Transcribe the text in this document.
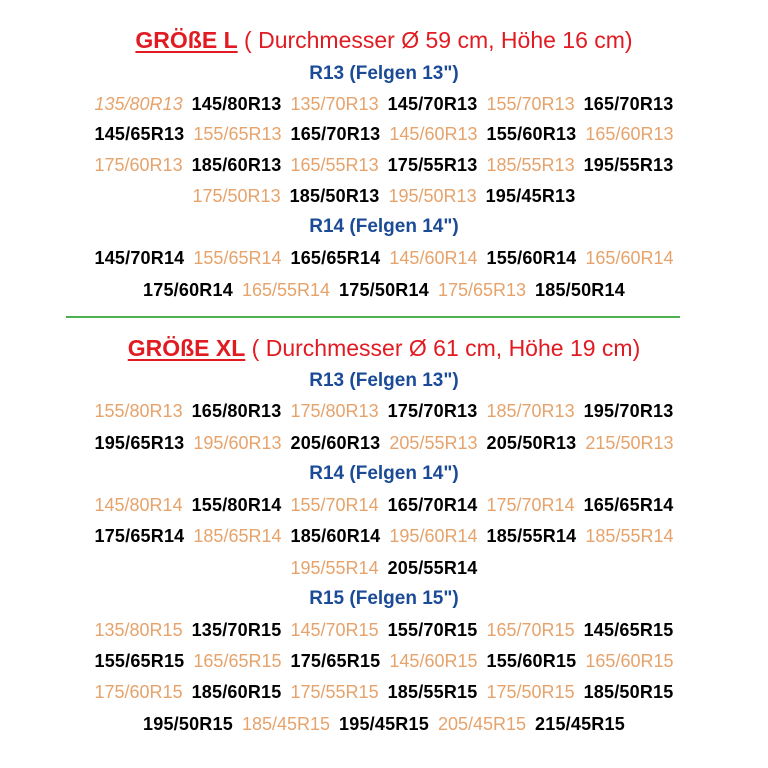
GRÖßE L ( Durchmesser Ø 59 cm, Höhe 16 cm)
R13 (Felgen 13")
135/80R13 145/80R13 135/70R13 145/70R13 155/70R13 165/70R13
145/65R13 155/65R13 165/70R13 145/60R13 155/60R13 165/60R13
175/60R13 185/60R13 165/55R13 175/55R13 185/55R13 195/55R13
175/50R13 185/50R13 195/50R13 195/45R13
R14 (Felgen 14")
145/70R14 155/65R14 165/65R14 145/60R14 155/60R14 165/60R14
175/60R14 165/55R14 175/50R14 175/65R13 185/50R14
GRÖßE XL ( Durchmesser Ø 61 cm, Höhe 19 cm)
R13 (Felgen 13")
155/80R13 165/80R13 175/80R13 175/70R13 185/70R13 195/70R13
195/65R13 195/60R13 205/60R13 205/55R13 205/50R13 215/50R13
R14 (Felgen 14")
145/80R14 155/80R14 155/70R14 165/70R14 175/70R14 165/65R14
175/65R14 185/65R14 185/60R14 195/60R14 185/55R14 185/55R14
195/55R14 205/55R14
R15 (Felgen 15")
135/80R15 135/70R15 145/70R15 155/70R15 165/70R15 145/65R15
155/65R15 165/65R15 175/65R15 145/60R15 155/60R15 165/60R15
175/60R15 185/60R15 175/55R15 185/55R15 175/50R15 185/50R15
195/50R15 185/45R15 195/45R15 205/45R15 215/45R15
